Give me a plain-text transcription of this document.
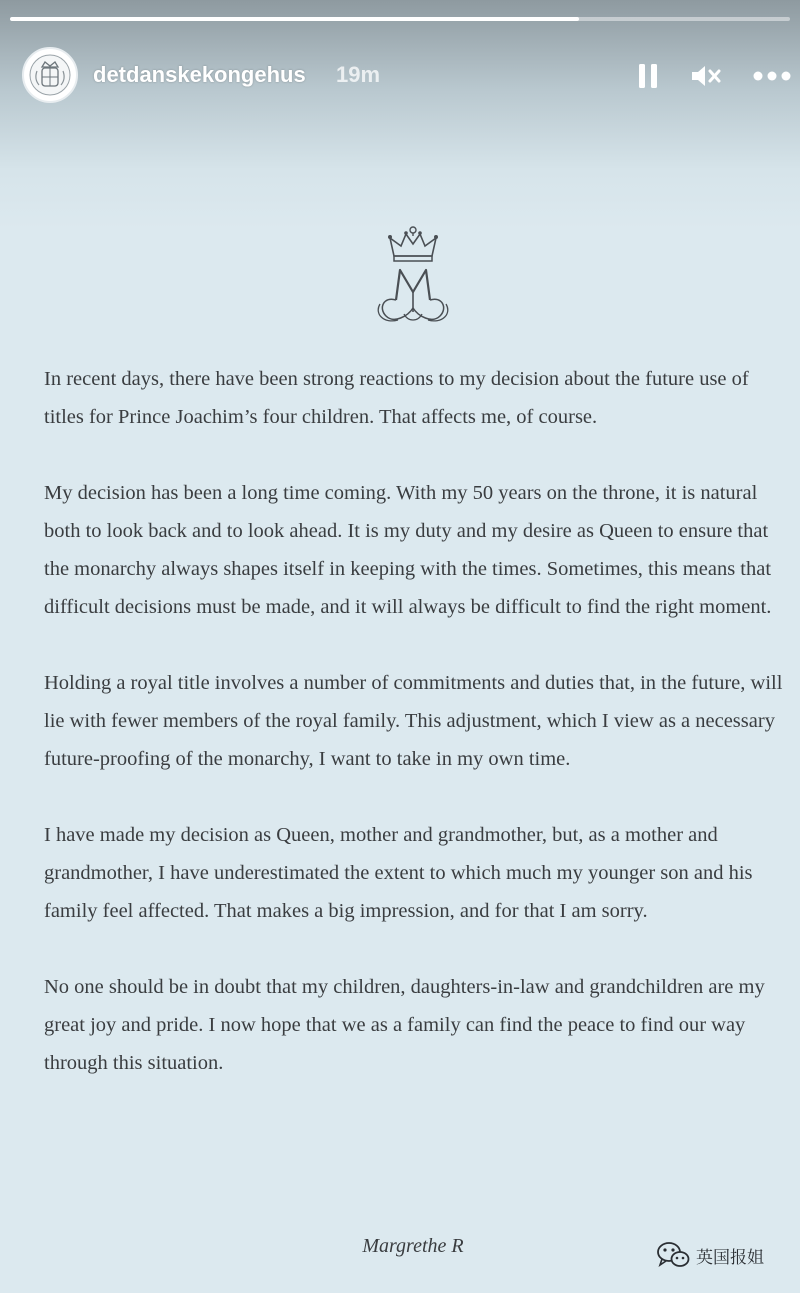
detdanskekongehus 19m

In recent days, there have been strong reactions to my decision about the future use of titles for Prince Joachim’s four children. That affects me, of course.

My decision has been a long time coming. With my 50 years on the throne, it is natural both to look back and to look ahead. It is my duty and my desire as Queen to ensure that the monarchy always shapes itself in keeping with the times. Sometimes, this means that difficult decisions must be made, and it will always be difficult to find the right moment.

Holding a royal title involves a number of commitments and duties that, in the future, will lie with fewer members of the royal family. This adjustment, which I view as a necessary future-proofing of the monarchy, I want to take in my own time.

I have made my decision as Queen, mother and grandmother, but, as a mother and grandmother, I have underestimated the extent to which much my younger son and his family feel affected. That makes a big impression, and for that I am sorry.

No one should be in doubt that my children, daughters-in-law and grandchildren are my great joy and pride. I now hope that we as a family can find the peace to find our way through this situation.

Margrethe R
英国报姐
